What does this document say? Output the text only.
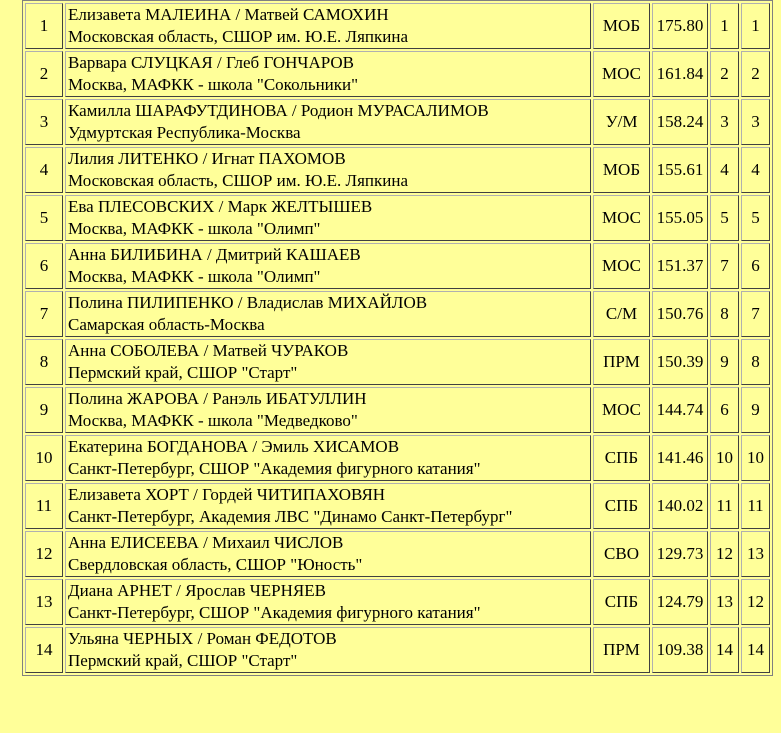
1	Елизавета МАЛЕИНА / Матвей САМОХИН
Московская область, СШОР им. Ю.Е. Ляпкина	МОБ	175.80	1	1
2	Варвара СЛУЦКАЯ / Глеб ГОНЧАРОВ
Москва, МАФКК - школа "Сокольники"	МОС	161.84	2	2
3	Камилла ШАРАФУТДИНОВА / Родион МУРАСАЛИМОВ
Удмуртская Республика-Москва	У/М	158.24	3	3
4	Лилия ЛИТЕНКО / Игнат ПАХОМОВ
Московская область, СШОР им. Ю.Е. Ляпкина	МОБ	155.61	4	4
5	Ева ПЛЕСОВСКИХ / Марк ЖЕЛТЫШЕВ
Москва, МАФКК - школа "Олимп"	МОС	155.05	5	5
6	Анна БИЛИБИНА / Дмитрий КАШАЕВ
Москва, МАФКК - школа "Олимп"	МОС	151.37	7	6
7	Полина ПИЛИПЕНКО / Владислав МИХАЙЛОВ
Самарская область-Москва	С/М	150.76	8	7
8	Анна СОБОЛЕВА / Матвей ЧУРАКОВ
Пермский край, СШОР "Старт"	ПРМ	150.39	9	8
9	Полина ЖАРОВА / Ранэль ИБАТУЛЛИН
Москва, МАФКК - школа "Медведково"	МОС	144.74	6	9
10	Екатерина БОГДАНОВА / Эмиль ХИСАМОВ
Санкт-Петербург, СШОР "Академия фигурного катания"	СПБ	141.46	10	10
11	Елизавета ХОРТ / Гордей ЧИТИПАХОВЯН
Санкт-Петербург, Академия ЛВС "Динамо Санкт-Петербург"	СПБ	140.02	11	11
12	Анна ЕЛИСЕЕВА / Михаил ЧИСЛОВ
Свердловская область, СШОР "Юность"	СВО	129.73	12	13
13	Диана АРНЕТ / Ярослав ЧЕРНЯЕВ
Санкт-Петербург, СШОР "Академия фигурного катания"	СПБ	124.79	13	12
14	Ульяна ЧЕРНЫХ / Роман ФЕДОТОВ
Пермский край, СШОР "Старт"	ПРМ	109.38	14	14
